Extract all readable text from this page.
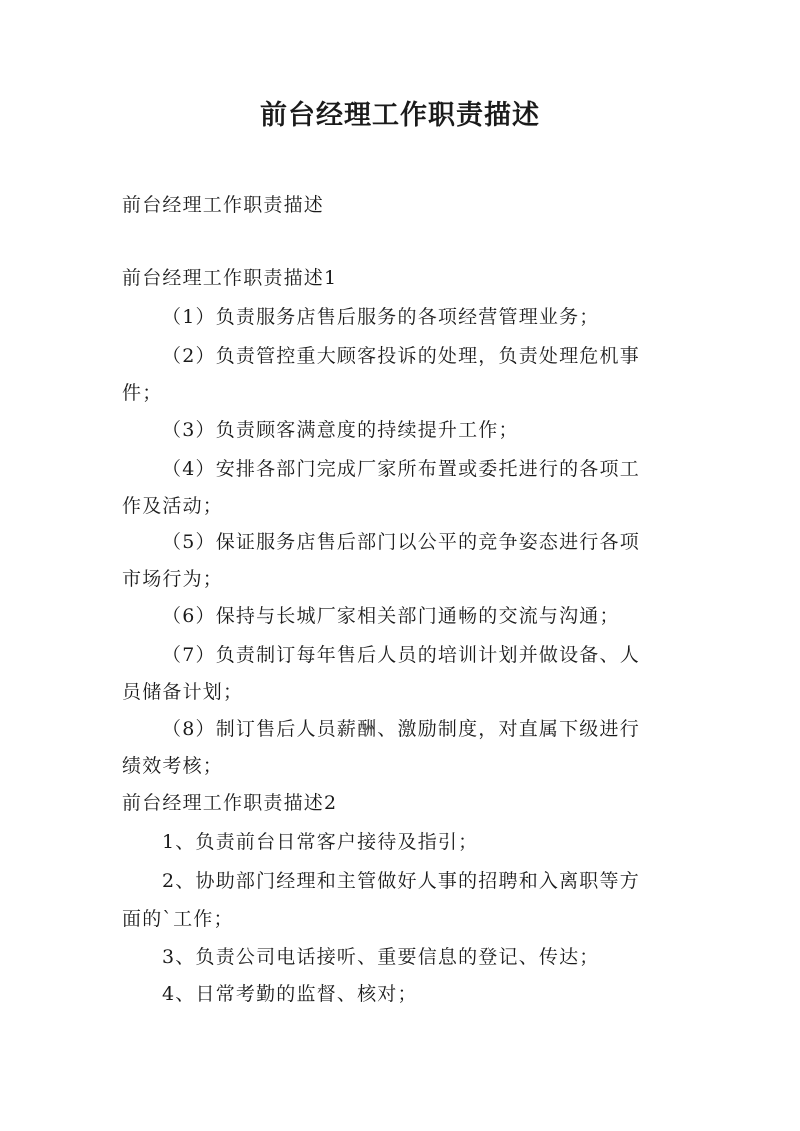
前台经理工作职责描述
前台经理工作职责描述
前台经理工作职责描述1
（1）负责服务店售后服务的各项经营管理业务；
（2）负责管控重大顾客投诉的处理，负责处理危机事
件；
（3）负责顾客满意度的持续提升工作；
（4）安排各部门完成厂家所布置或委托进行的各项工
作及活动；
（5）保证服务店售后部门以公平的竞争姿态进行各项
市场行为；
（6）保持与长城厂家相关部门通畅的交流与沟通；
（7）负责制订每年售后人员的培训计划并做设备、人
员储备计划；
（8）制订售后人员薪酬、激励制度，对直属下级进行
绩效考核；
前台经理工作职责描述2
1、负责前台日常客户接待及指引；
2、协助部门经理和主管做好人事的招聘和入离职等方
面的`工作；
3、负责公司电话接听、重要信息的登记、传达；
4、日常考勤的监督、核对；
